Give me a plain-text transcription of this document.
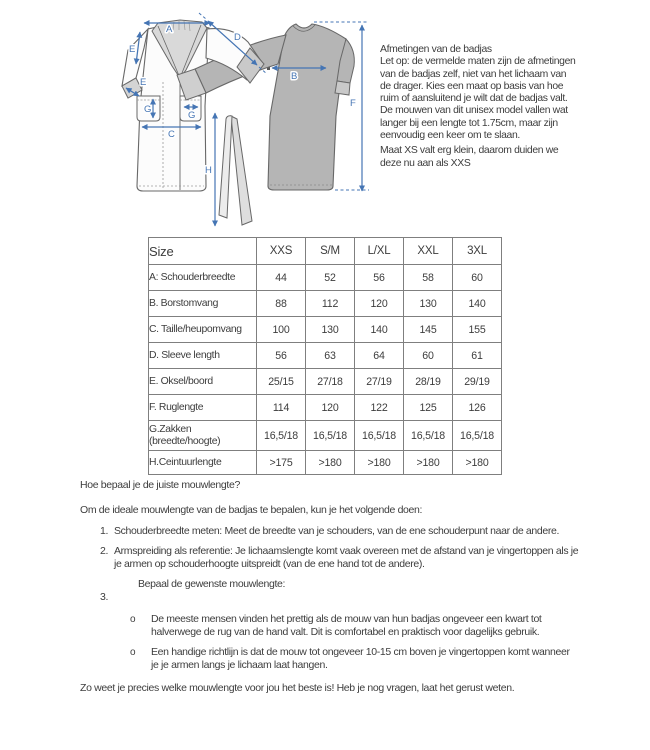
A
E
E
G
G
C
D
B
F
H
Afmetingen van de badjas
Let op: de vermelde maten zijn de afmetingen van de badjas zelf, niet van het lichaam van de drager. Kies een maat op basis van hoe ruim of aansluitend je wilt dat de badjas valt. De mouwen van dit unisex model vallen wat langer bij een lengte tot 1.75cm, maar zijn eenvoudig een keer om te slaan.
Maat XS valt erg klein, daarom duiden we deze nu aan als XXS
Size	XXS	S/M	L/XL	XXL	3XL
A: Schouderbreedte	44	52	56	58	60
B. Borstomvang	88	112	120	130	140
C. Taille/heupomvang	100	130	140	145	155
D. Sleeve length	56	63	64	60	61
E. Oksel/boord	25/15	27/18	27/19	28/19	29/19
F. Ruglengte	114	120	122	125	126
G.Zakken (breedte/hoogte)	16,5/18	16,5/18	16,5/18	16,5/18	16,5/18
H.Ceintuurlengte	>175	>180	>180	>180	>180
Hoe bepaal je de juiste mouwlengte?
Om de ideale mouwlengte van de badjas te bepalen, kun je het volgende doen:
1. Schouderbreedte meten: Meet de breedte van je schouders, van de ene schouderpunt naar de andere.
2. Armspreiding als referentie: Je lichaamslengte komt vaak overeen met de afstand van je vingertoppen als je je armen op schouderhoogte uitspreidt (van de ene hand tot de andere).
Bepaal de gewenste mouwlengte:
3.
o	De meeste mensen vinden het prettig als de mouw van hun badjas ongeveer een kwart tot halverwege de rug van de hand valt. Dit is comfortabel en praktisch voor dagelijks gebruik.
o	Een handige richtlijn is dat de mouw tot ongeveer 10-15 cm boven je vingertoppen komt wanneer je je armen langs je lichaam laat hangen.
Zo weet je precies welke mouwlengte voor jou het beste is! Heb je nog vragen, laat het gerust weten.
